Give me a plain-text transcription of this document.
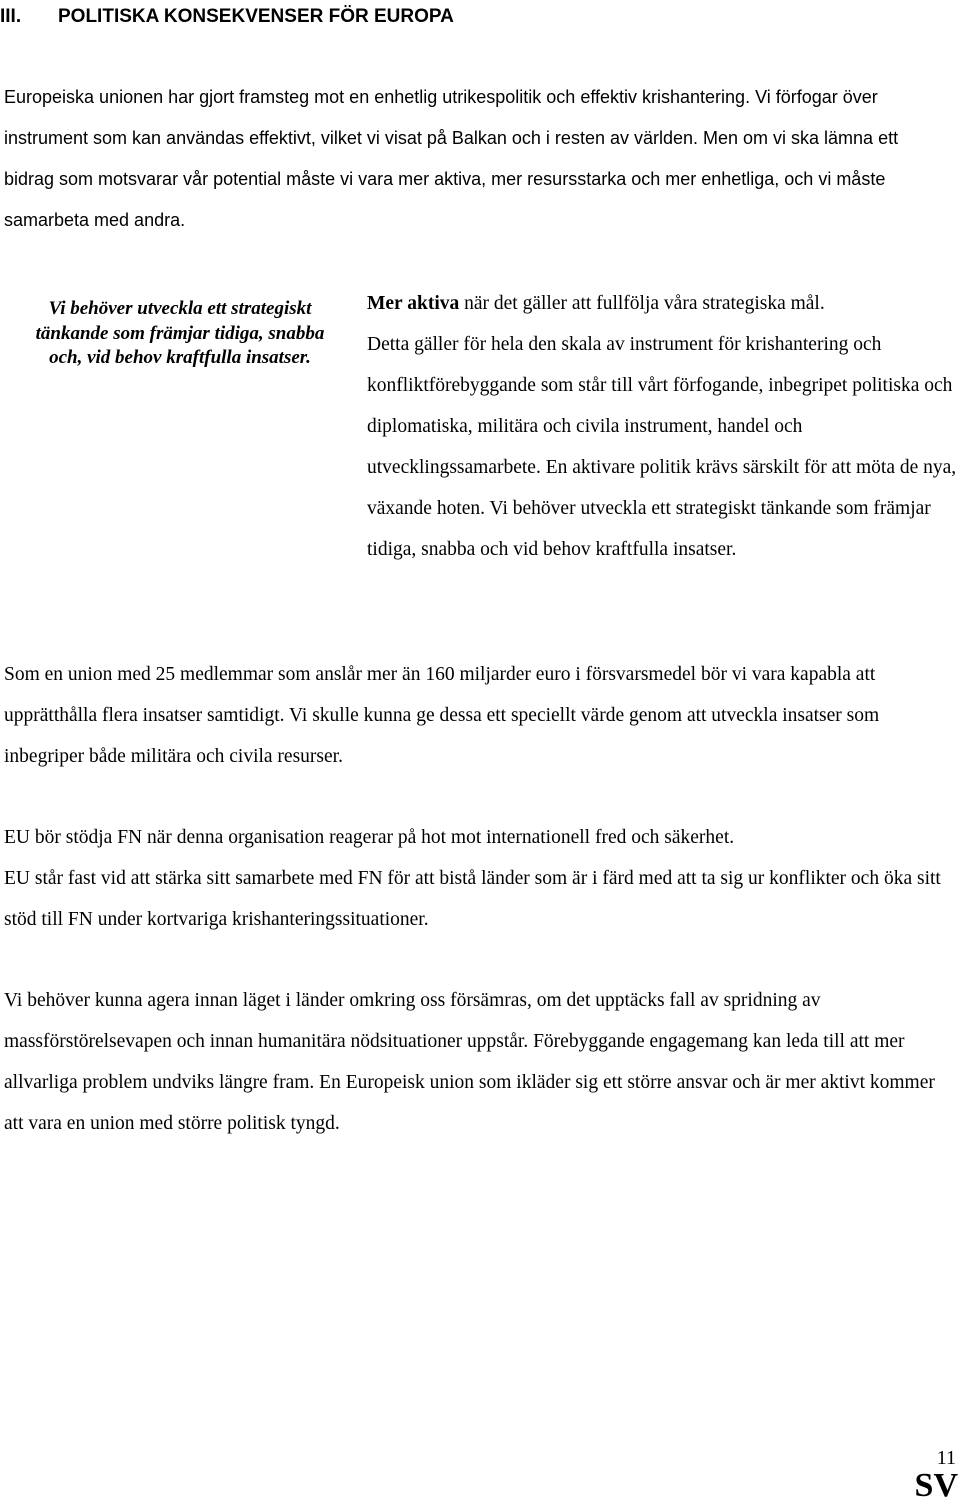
III. POLITISKA KONSEKVENSER FÖR EUROPA

Europeiska unionen har gjort framsteg mot en enhetlig utrikespolitik och effektiv krishantering. Vi förfogar över instrument som kan användas effektivt, vilket vi visat på Balkan och i resten av världen. Men om vi ska lämna ett bidrag som motsvarar vår potential måste vi vara mer aktiva, mer resursstarka och mer enhetliga, och vi måste samarbeta med andra.

Vi behöver utveckla ett strategiskt tänkande som främjar tidiga, snabba och, vid behov kraftfulla insatser.

Mer aktiva när det gäller att fullfölja våra strategiska mål.
Detta gäller för hela den skala av instrument för krishantering och konfliktförebyggande som står till vårt förfogande, inbegripet politiska och diplomatiska, militära och civila instrument, handel och utvecklingssamarbete. En aktivare politik krävs särskilt för att möta de nya, växande hoten. Vi behöver utveckla ett strategiskt tänkande som främjar tidiga, snabba och vid behov kraftfulla insatser.

Som en union med 25 medlemmar som anslår mer än 160 miljarder euro i försvarsmedel bör vi vara kapabla att upprätthålla flera insatser samtidigt. Vi skulle kunna ge dessa ett speciellt värde genom att utveckla insatser som inbegriper både militära och civila resurser.

EU bör stödja FN när denna organisation reagerar på hot mot internationell fred och säkerhet.

EU står fast vid att stärka sitt samarbete med FN för att bistå länder som är i färd med att ta sig ur konflikter och öka sitt stöd till FN under kortvariga krishanteringssituationer.

Vi behöver kunna agera innan läget i länder omkring oss försämras, om det upptäcks fall av spridning av massförstörelsevapen och innan humanitära nödsituationer uppstår. Förebyggande engagemang kan leda till att mer allvarliga problem undviks längre fram. En Europeisk union som ikläder sig ett större ansvar och är mer aktivt kommer att vara en union med större politisk tyngd.

11
SV
